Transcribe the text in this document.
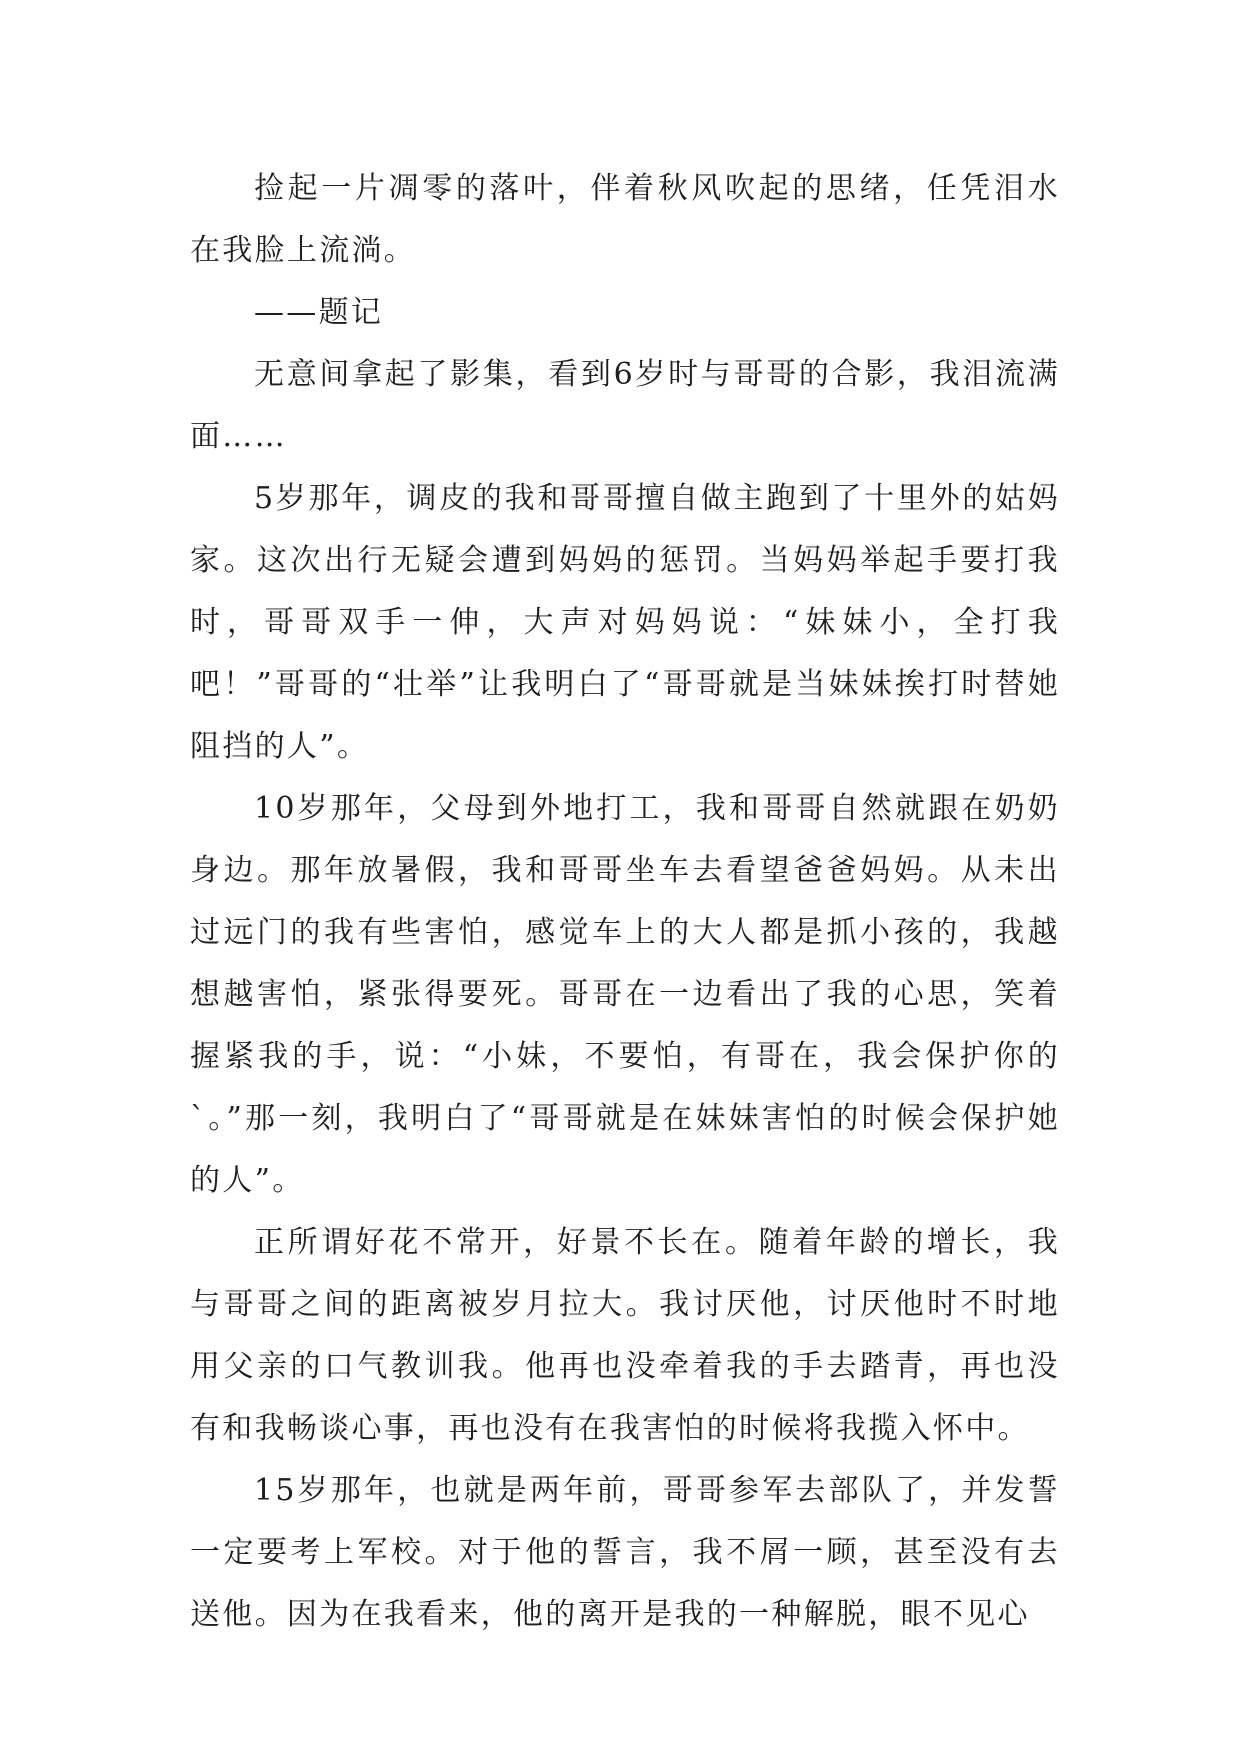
捡起一片凋零的落叶，伴着秋风吹起的思绪，任凭泪水在我脸上流淌。

——题记

无意间拿起了影集，看到6岁时与哥哥的合影，我泪流满面……

5岁那年，调皮的我和哥哥擅自做主跑到了十里外的姑妈家。这次出行无疑会遭到妈妈的惩罚。当妈妈举起手要打我时，哥哥双手一伸，大声对妈妈说：“妹妹小，全打我吧！”哥哥的“壮举”让我明白了“哥哥就是当妹妹挨打时替她阻挡的人”。

10岁那年，父母到外地打工，我和哥哥自然就跟在奶奶身边。那年放暑假，我和哥哥坐车去看望爸爸妈妈。从未出过远门的我有些害怕，感觉车上的大人都是抓小孩的，我越想越害怕，紧张得要死。哥哥在一边看出了我的心思，笑着握紧我的手，说：“小妹，不要怕，有哥在，我会保护你的`。”那一刻，我明白了“哥哥就是在妹妹害怕的时候会保护她的人”。

正所谓好花不常开，好景不长在。随着年龄的增长，我与哥哥之间的距离被岁月拉大。我讨厌他，讨厌他时不时地用父亲的口气教训我。他再也没牵着我的手去踏青，再也没有和我畅谈心事，再也没有在我害怕的时候将我揽入怀中。

15岁那年，也就是两年前，哥哥参军去部队了，并发誓一定要考上军校。对于他的誓言，我不屑一顾，甚至没有去送他。因为在我看来，他的离开是我的一种解脱，眼不见心
